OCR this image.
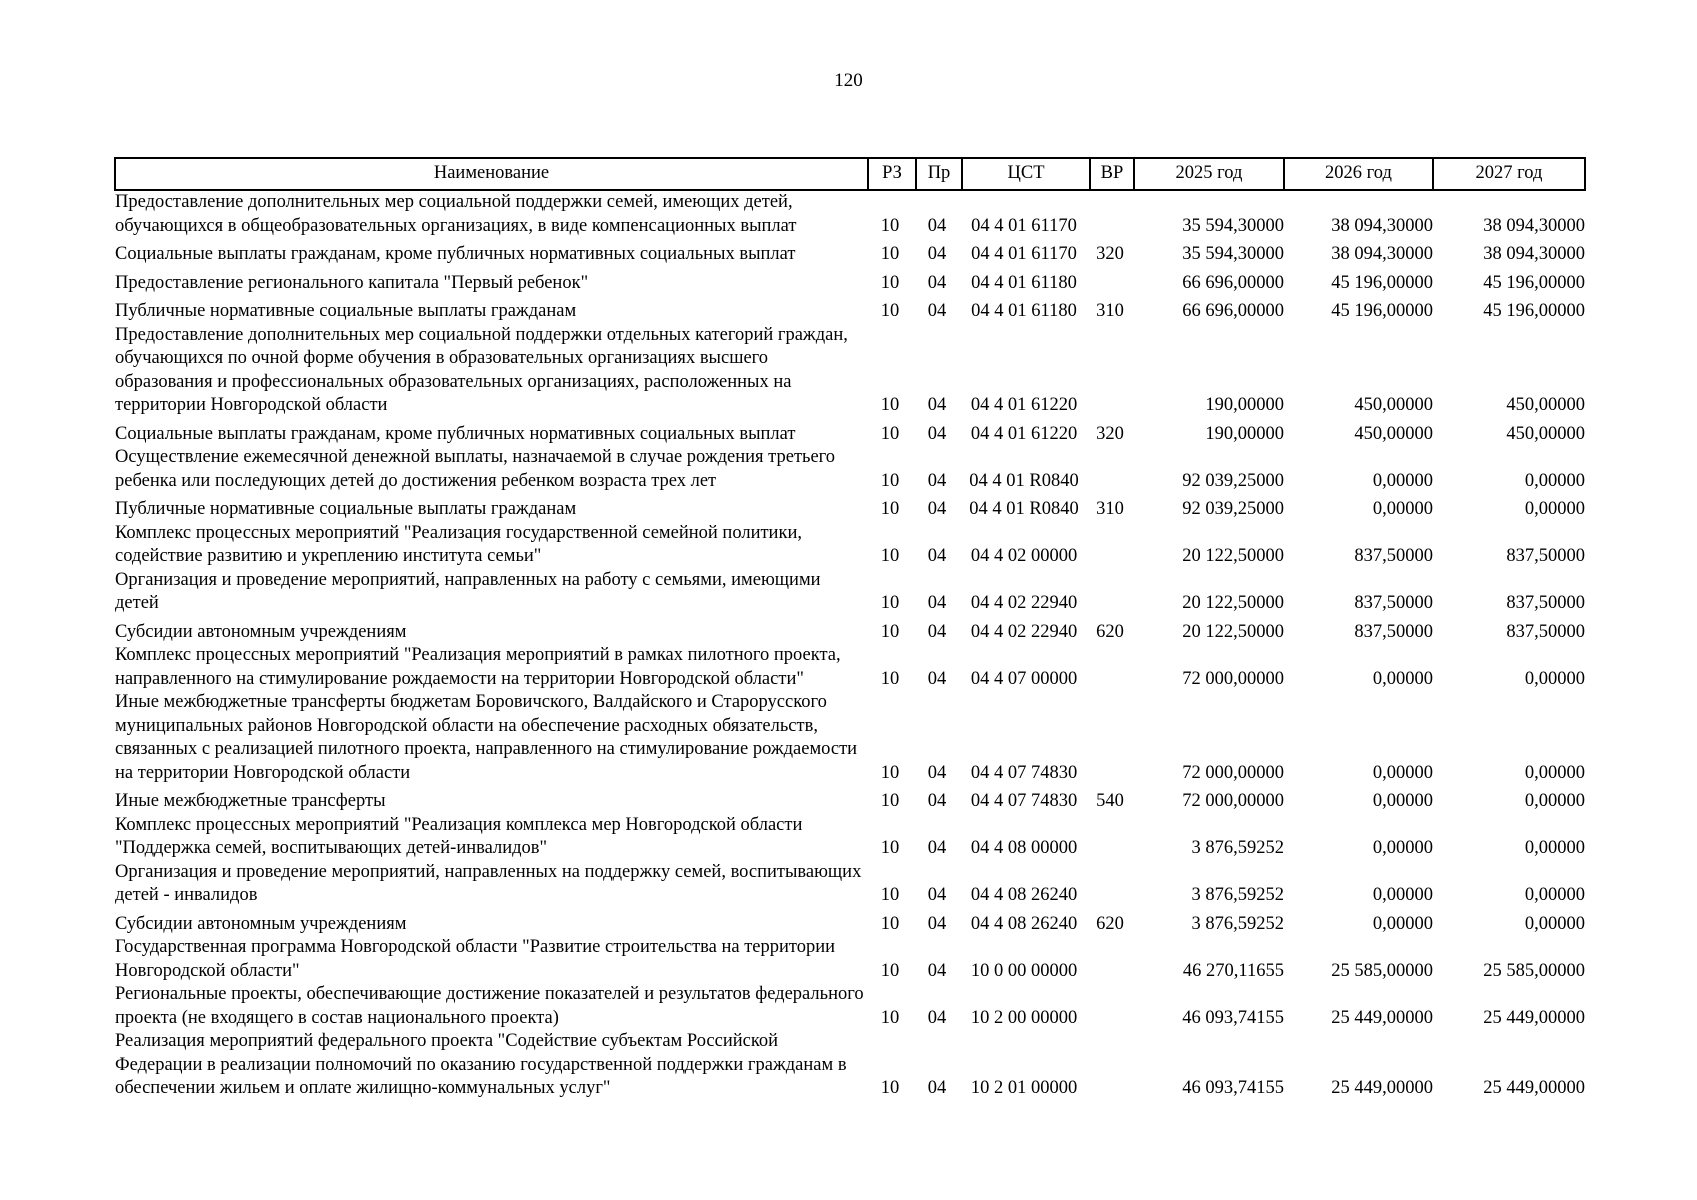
120
Наименование	РЗ	Пр	ЦСТ	ВР	2025 год	2026 год	2027 год
Предоставление дополнительных мер социальной поддержки семей, имеющих детей, обучающихся в общеобразовательных организациях, в виде компенсационных выплат	10	04	04 4 01 61170		35 594,30000	38 094,30000	38 094,30000
Социальные выплаты гражданам, кроме публичных нормативных социальных выплат	10	04	04 4 01 61170	320	35 594,30000	38 094,30000	38 094,30000
Предоставление регионального капитала "Первый ребенок"	10	04	04 4 01 61180		66 696,00000	45 196,00000	45 196,00000
Публичные нормативные социальные выплаты гражданам	10	04	04 4 01 61180	310	66 696,00000	45 196,00000	45 196,00000
Предоставление дополнительных мер социальной поддержки отдельных категорий граждан, обучающихся по очной форме обучения в образовательных организациях высшего образования и профессиональных образовательных организациях, расположенных на территории Новгородской области	10	04	04 4 01 61220		190,00000	450,00000	450,00000
Социальные выплаты гражданам, кроме публичных нормативных социальных выплат	10	04	04 4 01 61220	320	190,00000	450,00000	450,00000
Осуществление ежемесячной денежной выплаты, назначаемой в случае рождения третьего ребенка или последующих детей до достижения ребенком возраста трех лет	10	04	04 4 01 R0840		92 039,25000	0,00000	0,00000
Публичные нормативные социальные выплаты гражданам	10	04	04 4 01 R0840	310	92 039,25000	0,00000	0,00000
Комплекс процессных мероприятий "Реализация государственной семейной политики, содействие развитию и укреплению института семьи"	10	04	04 4 02 00000		20 122,50000	837,50000	837,50000
Организация и проведение мероприятий, направленных на работу с семьями, имеющими детей	10	04	04 4 02 22940		20 122,50000	837,50000	837,50000
Субсидии автономным учреждениям	10	04	04 4 02 22940	620	20 122,50000	837,50000	837,50000
Комплекс процессных мероприятий "Реализация мероприятий в рамках пилотного проекта, направленного на стимулирование рождаемости на территории Новгородской области"	10	04	04 4 07 00000		72 000,00000	0,00000	0,00000
Иные межбюджетные трансферты бюджетам Боровичского, Валдайского и Старорусского муниципальных районов Новгородской области на обеспечение расходных обязательств, связанных с реализацией пилотного проекта, направленного на стимулирование рождаемости на территории Новгородской области	10	04	04 4 07 74830		72 000,00000	0,00000	0,00000
Иные межбюджетные трансферты	10	04	04 4 07 74830	540	72 000,00000	0,00000	0,00000
Комплекс процессных мероприятий "Реализация комплекса мер Новгородской области "Поддержка семей, воспитывающих детей-инвалидов"	10	04	04 4 08 00000		3 876,59252	0,00000	0,00000
Организация и проведение мероприятий, направленных на поддержку семей, воспитывающих детей - инвалидов	10	04	04 4 08 26240		3 876,59252	0,00000	0,00000
Субсидии автономным учреждениям	10	04	04 4 08 26240	620	3 876,59252	0,00000	0,00000
Государственная программа Новгородской области "Развитие строительства на территории Новгородской области"	10	04	10 0 00 00000		46 270,11655	25 585,00000	25 585,00000
Региональные проекты, обеспечивающие достижение показателей и результатов федерального проекта (не входящего в состав национального проекта)	10	04	10 2 00 00000		46 093,74155	25 449,00000	25 449,00000
Реализация мероприятий федерального проекта "Содействие субъектам Российской Федерации в реализации полномочий по оказанию государственной поддержки гражданам в обеспечении жильем и оплате жилищно-коммунальных услуг"	10	04	10 2 01 00000		46 093,74155	25 449,00000	25 449,00000
